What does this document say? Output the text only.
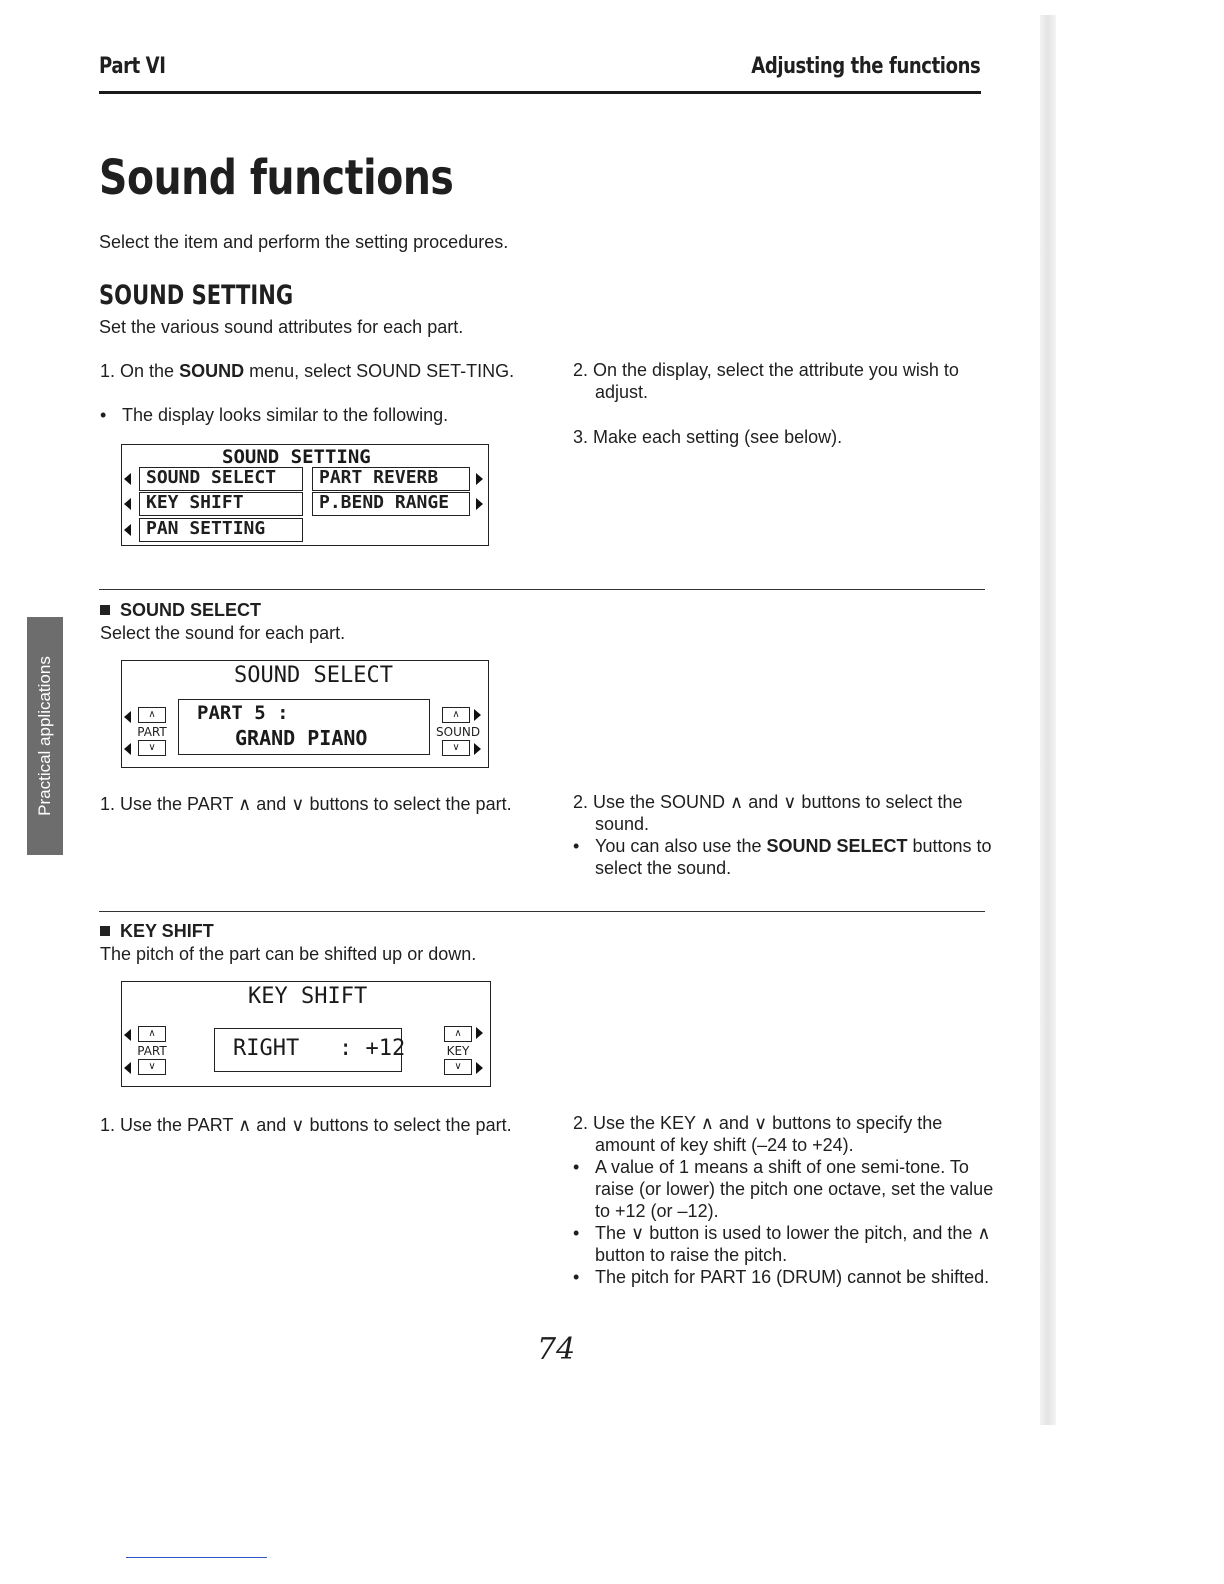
Part VI	Adjusting the functions
Sound functions
Select the item and perform the setting procedures.
SOUND SETTING
Set the various sound attributes for each part.
1. On the SOUND menu, select SOUND SET-TING.
• The display looks similar to the following.
SOUND SETTING
SOUND SELECT	PART REVERB
KEY SHIFT	P.BEND RANGE
PAN SETTING
2. On the display, select the attribute you wish to adjust.
3. Make each setting (see below).
Practical applications
SOUND SELECT
Select the sound for each part.
SOUND SELECT
∧
PART
∨
PART 5 :
GRAND PIANO
∧
SOUND
∨
1. Use the PART ∧ and ∨ buttons to select the part.	2. Use the SOUND ∧ and ∨ buttons to select the sound.
• You can also use the SOUND SELECT buttons to select the sound.
KEY SHIFT
The pitch of the part can be shifted up or down.
KEY SHIFT
∧
PART
∨
RIGHT   : +12
∧
KEY
∨
1. Use the PART ∧ and ∨ buttons to select the part.	2. Use the KEY ∧ and ∨ buttons to specify the amount of key shift (–24 to +24).
• A value of 1 means a shift of one semi-tone. To raise (or lower) the pitch one octave, set the value to +12 (or –12).
• The ∨ button is used to lower the pitch, and the ∧ button to raise the pitch.
• The pitch for PART 16 (DRUM) cannot be shifted.
74
